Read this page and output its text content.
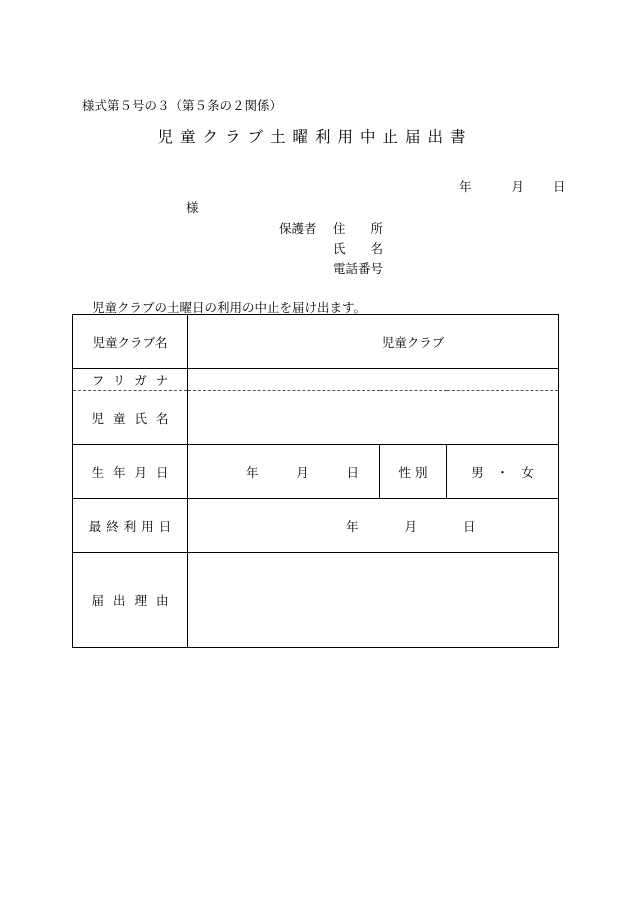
様式第５号の３（第５条の２関係）
児童クラブ土曜利用中止届出書
年	月 日
様
保護者 住　　所
氏　　名
電話番号
児童クラブの土曜日の利用の中止を届け出ます。
児童クラブ名	児童クラブ		
フリガナ			
児童氏名			
生年月日	年 月 日	性 別	男　・　女
最終利用日	年 月 日		

届出理由			
